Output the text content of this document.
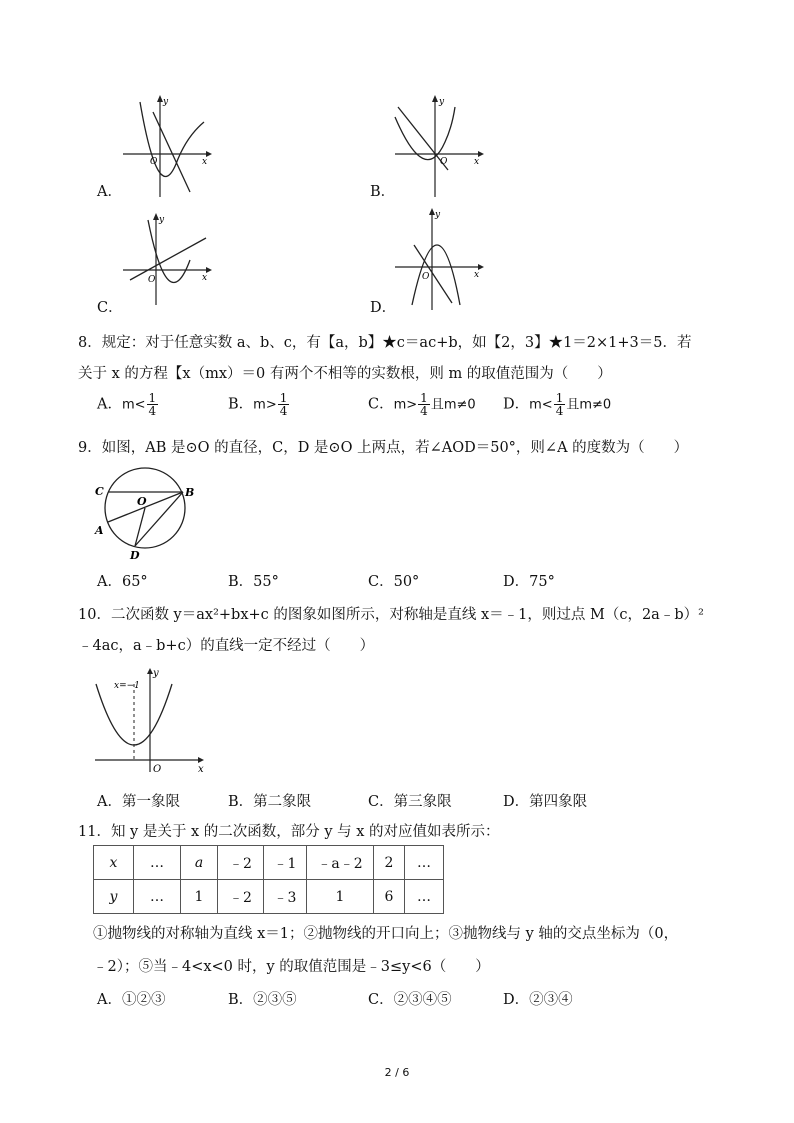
y
x
O
A．
y
x
O
B．
y
x
O
C．
y
x
O
D．
8．规定：对于任意实数 a、b、c，有【a，b】★c＝ac+b，如【2，3】★1＝2×1+3＝5．若
关于 x 的方程【x（mx）＝0 有两个不相等的实数根，则 m 的取值范围为（　　）
A．$m< \frac{1}{4}$	B．$m> \frac{1}{4}$	C．$m> \frac{1}{4}$ 且m≠0 D．$m< \frac{1}{4}$ 且m≠0
9．如图，AB 是⊙O 的直径，C，D 是⊙O 上两点，若∠AOD＝50°，则∠A 的度数为（　　）
C
O
B
A
D
A．65°	B．55°	C．50°	D．75°
10．二次函数 y＝ax²+bx+c 的图象如图所示，对称轴是直线 x＝﹣1，则过点 M（c，2a﹣b）²
﹣4ac，a﹣b+c）的直线一定不经过（　　）
x=−1
y
x
O
A．第一象限	B．第二象限	C．第三象限	D．第四象限
11．知 y 是关于 x 的二次函数，部分 y 与 x 的对应值如表所示：
x	…	a	﹣2	﹣1	﹣a﹣2	2	…
y	…	1	﹣2	﹣3	1	6	…
①抛物线的对称轴为直线 x＝1；②抛物线的开口向上；③抛物线与 y 轴的交点坐标为（0，
﹣2）；⑤当﹣4<x<0 时，y 的取值范围是﹣3≤y<6（　　）
A．①②③	B．②③⑤	C．②③④⑤	D．②③④
2 / 6
